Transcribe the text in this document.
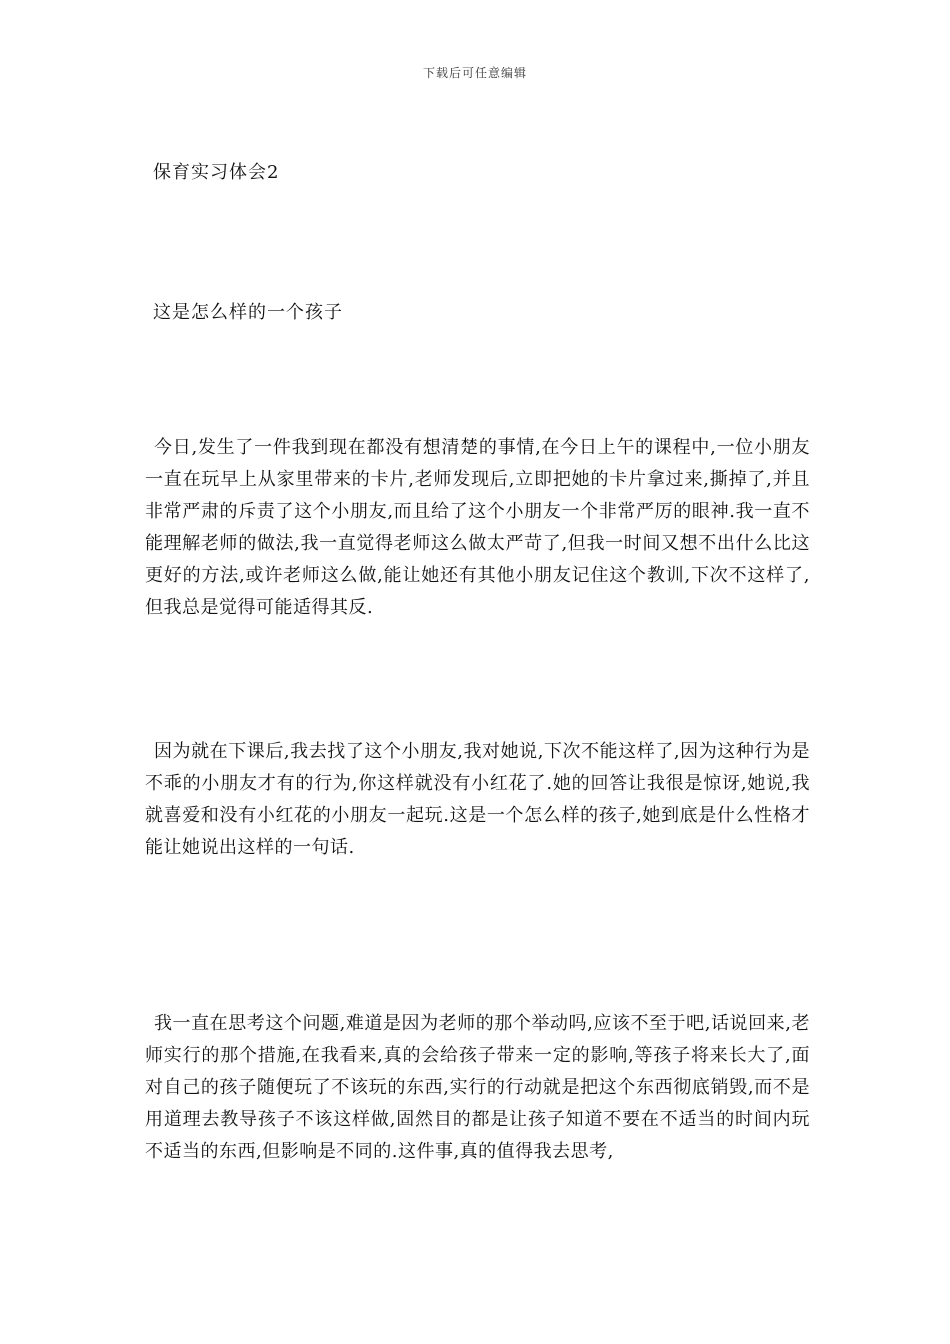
下载后可任意编辑
保育实习体会2
这是怎么样的一个孩子

今日,发生了一件我到现在都没有想清楚的事情,在今日上午的课程中,一位小朋友一直在玩早上从家里带来的卡片,老师发现后,立即把她的卡片拿过来,撕掉了,并且非常严肃的斥责了这个小朋友,而且给了这个小朋友一个非常严厉的眼神.我一直不能理解老师的做法,我一直觉得老师这么做太严苛了,但我一时间又想不出什么比这更好的方法,或许老师这么做,能让她还有其他小朋友记住这个教训,下次不这样了,但我总是觉得可能适得其反.

因为就在下课后,我去找了这个小朋友,我对她说,下次不能这样了,因为这种行为是不乖的小朋友才有的行为,你这样就没有小红花了.她的回答让我很是惊讶,她说,我就喜爱和没有小红花的小朋友一起玩.这是一个怎么样的孩子,她到底是什么性格才能让她说出这样的一句话.

我一直在思考这个问题,难道是因为老师的那个举动吗,应该不至于吧,话说回来,老师实行的那个措施,在我看来,真的会给孩子带来一定的影响,等孩子将来长大了,面对自己的孩子随便玩了不该玩的东西,实行的行动就是把这个东西彻底销毁,而不是用道理去教导孩子不该这样做,固然目的都是让孩子知道不要在不适当的时间内玩不适当的东西,但影响是不同的.这件事,真的值得我去思考,
